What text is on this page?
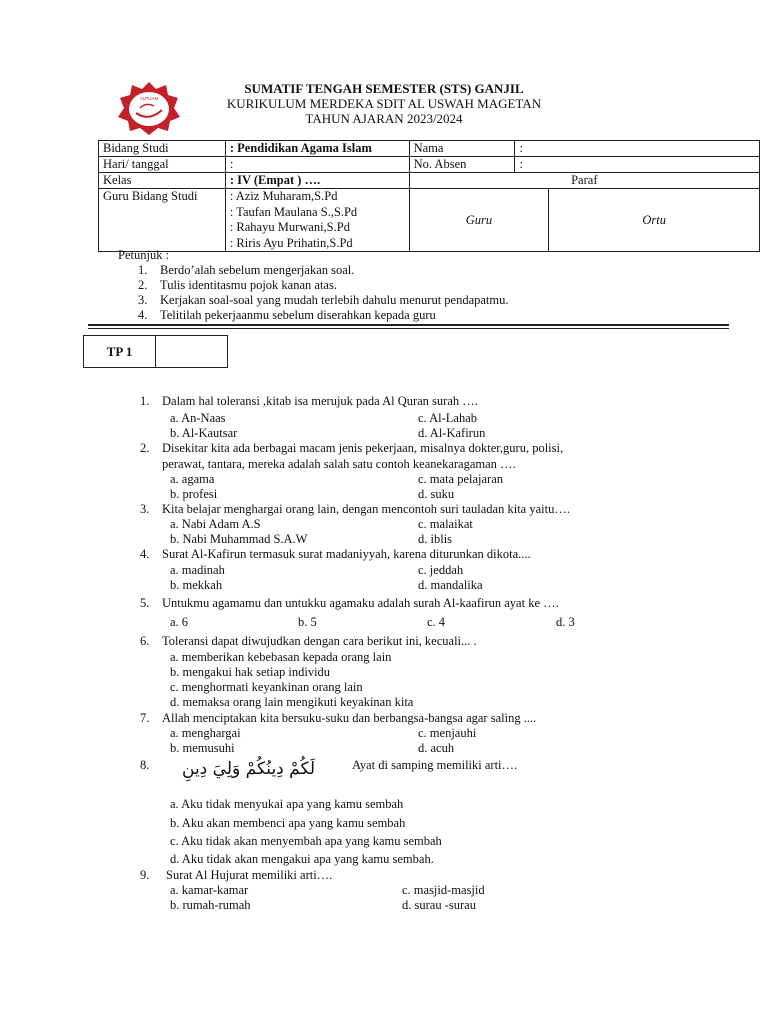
YLPUAM
SUMATIF TENGAH SEMESTER (STS) GANJIL
KURIKULUM MERDEKA SDIT AL USWAH MAGETAN
TAHUN AJARAN 2023/2024
Bidang Studi	: Pendidikan Agama Islam	Nama	:	
Hari/ tanggal	:	No. Absen	:	
Kelas	: IV (Empat ) ….	Paraf		
Guru Bidang Studi	: Aziz Muharam,S.Pd
: Taufan Maulana S.,S.Pd
: Rahayu Murwani,S.Pd
: Riris Ayu Prihatin,S.Pd	Guru		Ortu
Petunjuk :
1. Berdo’alah sebelum mengerjakan soal.
2. Tulis identitasmu pojok kanan atas.
3. Kerjakan soal-soal yang mudah terlebih dahulu menurut pendapatmu.
4. Telitilah pekerjaanmu sebelum diserahkan kepada guru
TP 1
1. Dalam hal toleransi ,kitab isa merujuk pada Al Quran surah ….
a. An-Naas	c. Al-Lahab
b. Al-Kautsar	d. Al-Kafirun
2. Disekitar kita ada berbagai macam jenis pekerjaan, misalnya dokter,guru, polisi,
perawat, tantara, mereka adalah salah satu contoh keanekaragaman ….
a. agama	c. mata pelajaran
b. profesi	d. suku
3. Kita belajar menghargai orang lain, dengan mencontoh suri tauladan kita yaitu….
a. Nabi Adam A.S	c. malaikat
b. Nabi Muhammad S.A.W	d. iblis
4. Surat Al-Kafirun termasuk surat madaniyyah, karena diturunkan dikota....
a. madinah	c. jeddah
b. mekkah	d. mandalika
5. Untukmu agamamu dan untukku agamaku adalah surah Al-kaafirun ayat ke ….
a. 6	b. 5	c. 4	d. 3
6. Toleransi dapat diwujudkan dengan cara berikut ini, kecuali... .
a. memberikan kebebasan kepada orang lain
b. mengakui hak setiap individu
c. menghormati keyankinan orang lain
d. memaksa orang lain mengikuti keyakinan kita
7. Allah menciptakan kita bersuku-suku dan berbangsa-bangsa agar saling ....
a. menghargai	c. menjauhi
b. memusuhi	d. acuh
8. لَكُمْ دِينُكُمْ وَلِيَ دِينِ	Ayat di samping memiliki arti….
a. Aku tidak menyukai apa yang kamu sembah
b. Aku akan membenci apa yang kamu sembah
c. Aku tidak akan menyembah apa yang kamu sembah
d. Aku tidak akan mengakui apa yang kamu sembah.
9. Surat Al Hujurat memiliki arti….
a. kamar-kamar	c. masjid-masjid
b. rumah-rumah	d. surau -surau
